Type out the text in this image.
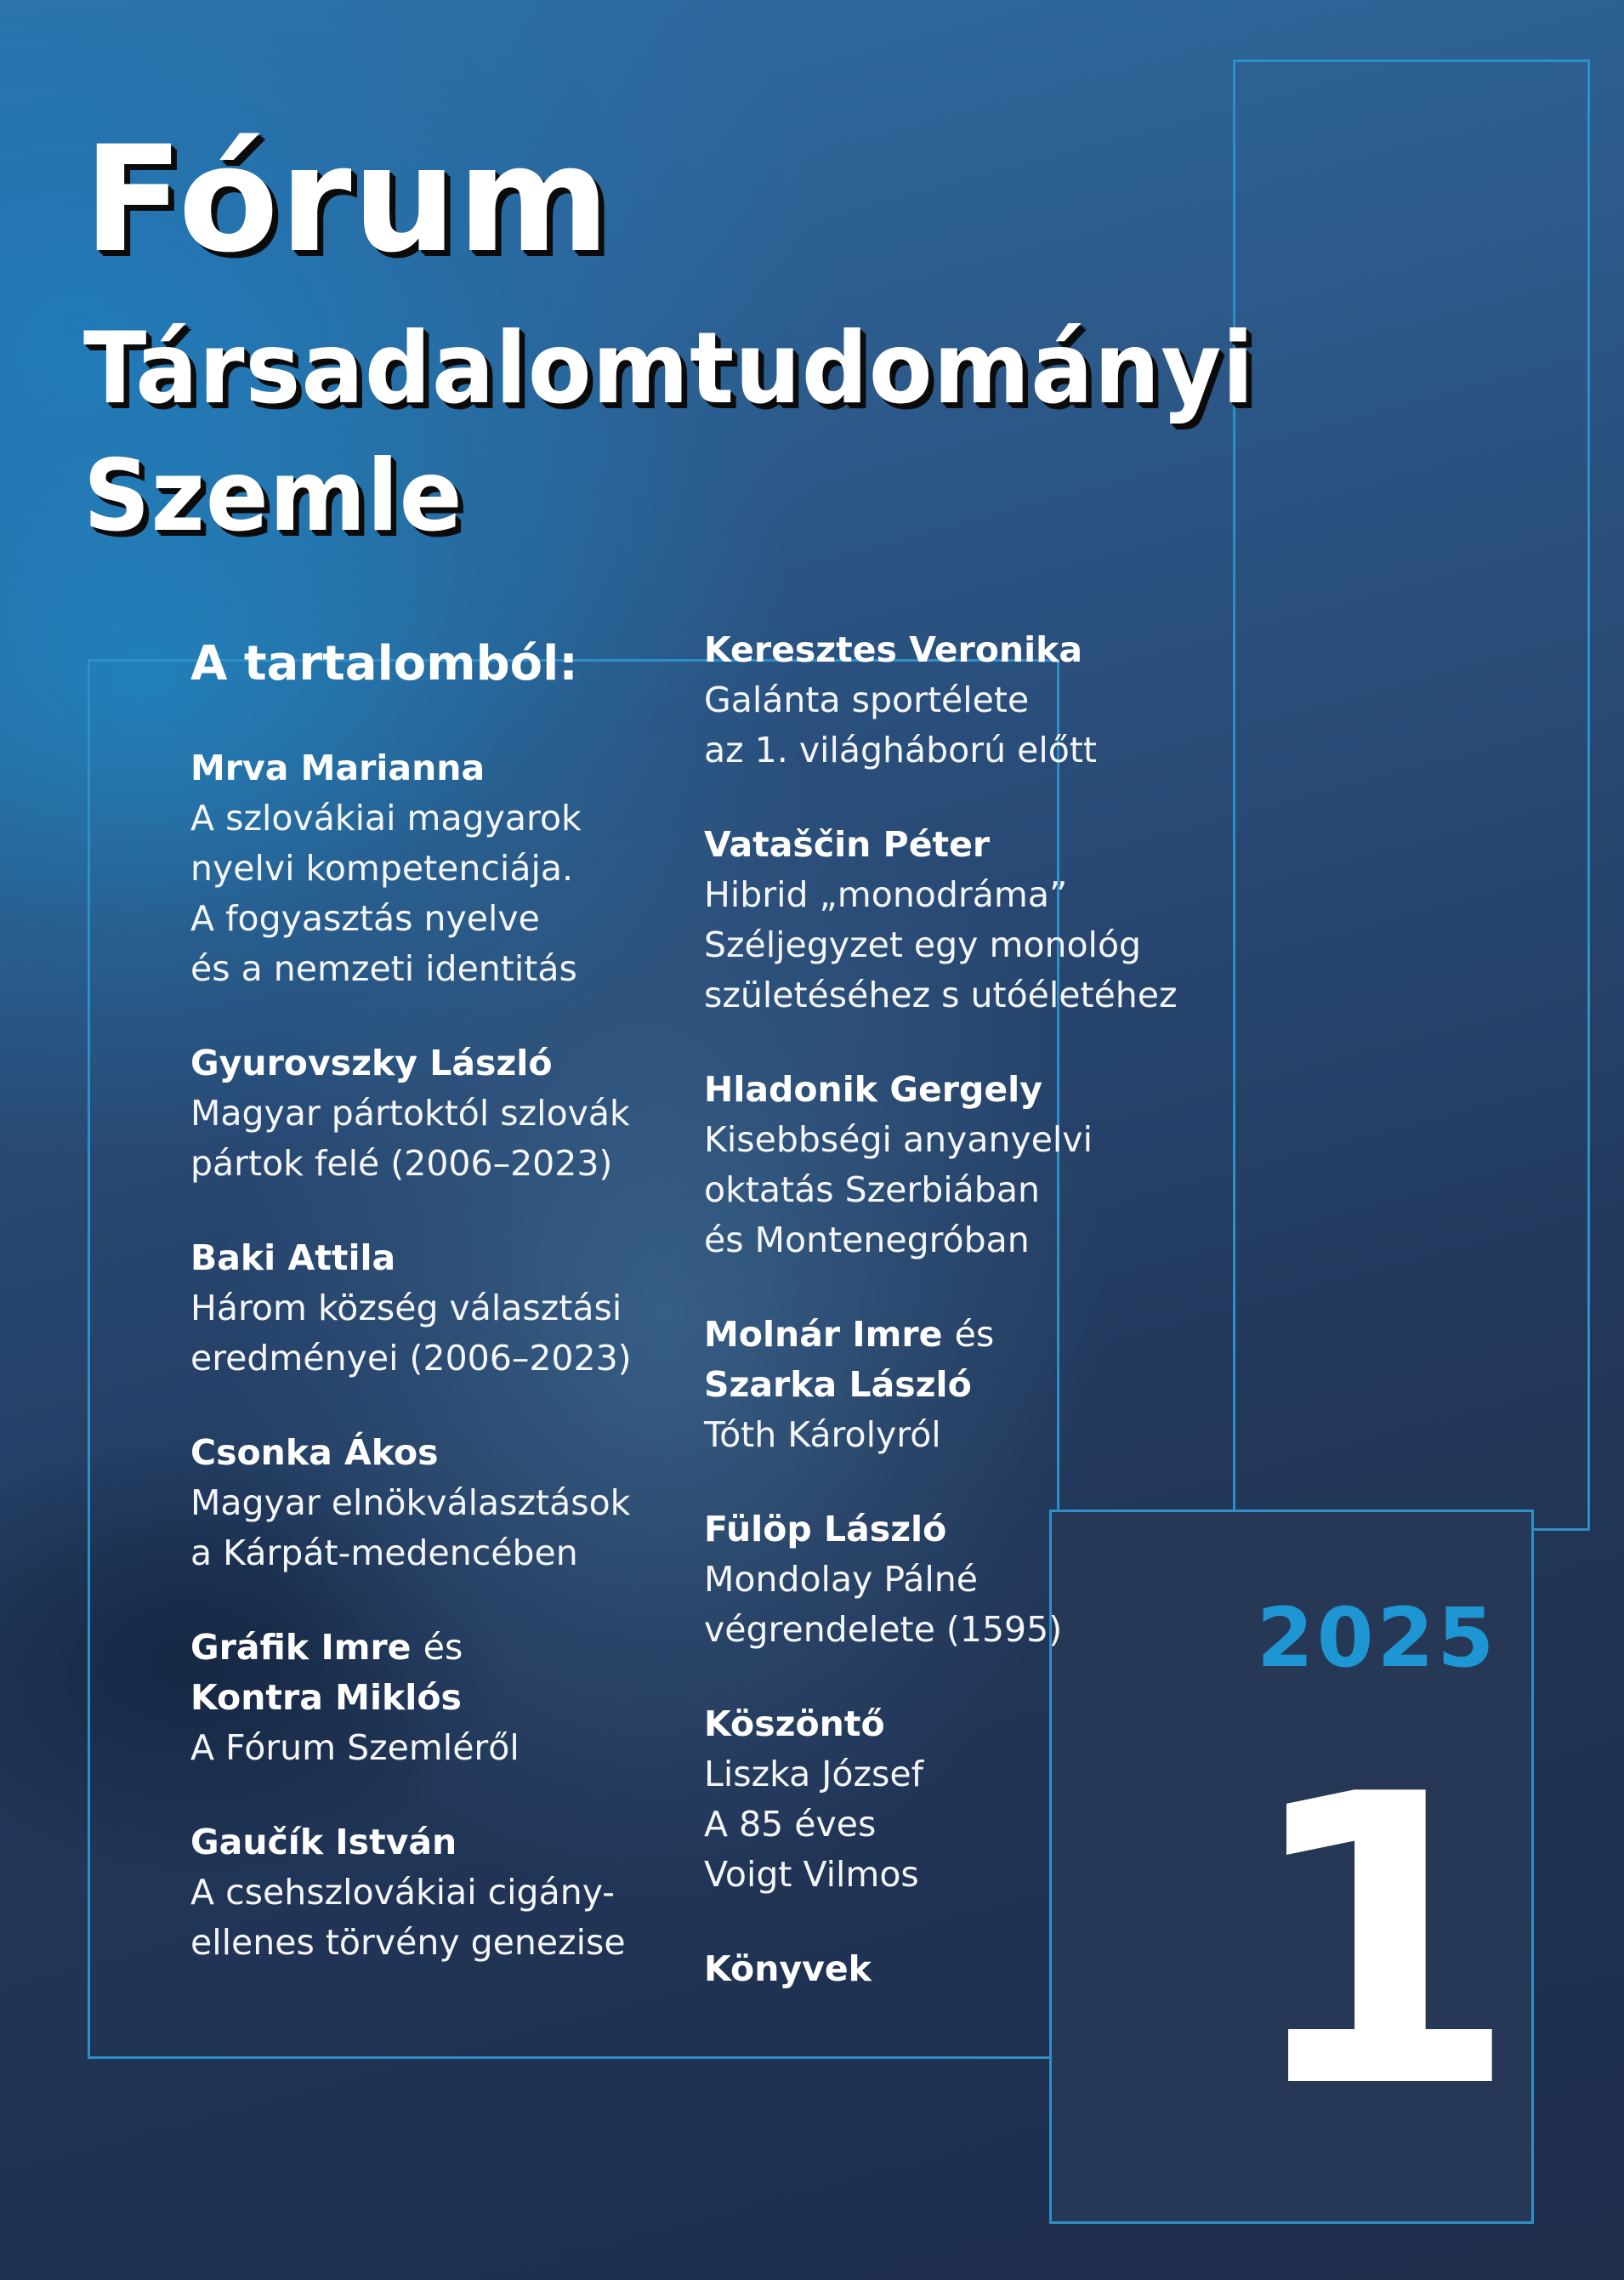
Fórum
Társadalomtudományi
Szemle

A tartalomból:

Mrva Marianna
A szlovákiai magyarok
nyelvi kompetenciája.
A fogyasztás nyelve
és a nemzeti identitás
Gyurovszky László
Magyar pártoktól szlovák
pártok felé (2006–2023)
Baki Attila
Három község választási
eredményei (2006–2023)
Csonka Ákos
Magyar elnökválasztások
a Kárpát-medencében
Gráfik Imre és
Kontra Miklós
A Fórum Szemléről
Gaučík István
A csehszlovákiai cigány-
ellenes törvény genezise
Keresztes Veronika
Galánta sportélete
az 1. világháború előtt
Vataščin Péter
Hibrid „monodráma”
Széljegyzet egy monológ
születéséhez s utóéletéhez
Hladonik Gergely
Kisebbségi anyanyelvi
oktatás Szerbiában
és Montenegróban
Molnár Imre és
Szarka László
Tóth Károlyról
Fülöp László
Mondolay Pálné
végrendelete (1595)
Köszöntő
Liszka József
A 85 éves
Voigt Vilmos
Könyvek
2025
1
